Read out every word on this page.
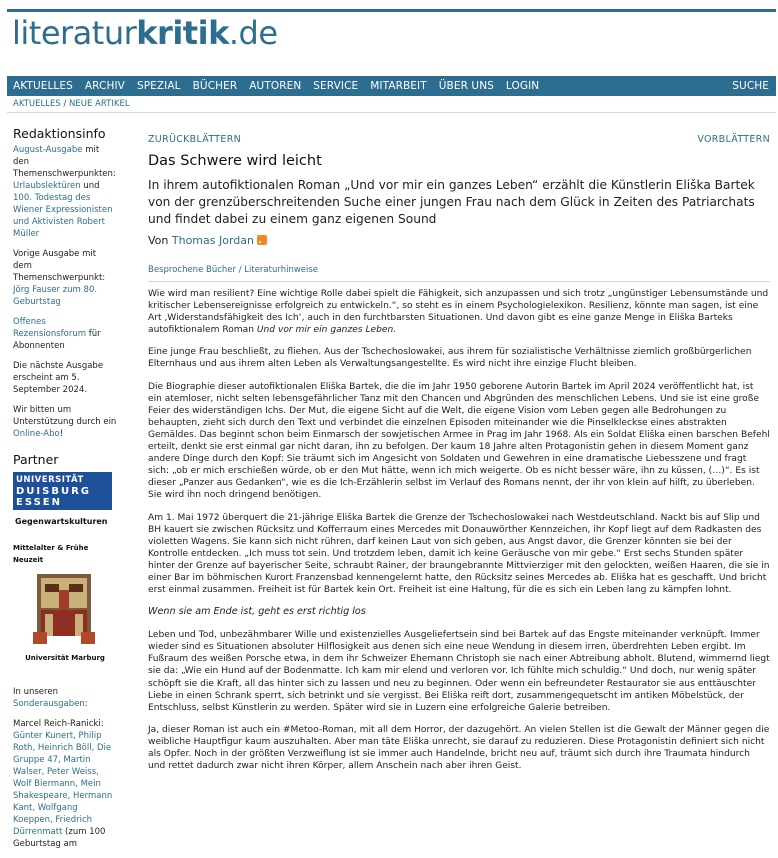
literaturkritik.de
AKTUELLES	ARCHIV	SPEZIAL	BÜCHER	AUTOREN	SERVICE	MITARBEIT	ÜBER UNS	LOGIN	SUCHE
AKTUELLES / NEUE ARTIKEL
Redaktionsinfo

August-Ausgabe mit den Themenschwerpunkten: Urlaubslektüren und 100. Todestag des Wiener Expressionisten und Aktivisten Robert Müller

Vorige Ausgabe mit dem Themenschwerpunkt: Jörg Fauser zum 80. Geburtstag

Offenes Rezensionsforum für Abonnenten

Die nächste Ausgabe erscheint am 5. September 2024.

Wir bitten um Unterstützung durch ein Online-Abo!

Partner
UNIVERSITÄT
DUISBURG
ESSEN
Gegenwartskulturen
Mittelalter & Frühe Neuzeit
Universität Marburg

In unseren Sonderausgaben:

Marcel Reich-Ranicki: Günter Kunert, Philip Roth, Heinrich Böll, Die Gruppe 47, Martin Walser, Peter Weiss, Wolf Biermann, Mein Shakespeare, Hermann Kant, Wolfgang Koeppen, Friedrich Dürrenmatt (zum 100 Geburtstag am

ZURÜCKBLÄTTERN	VORBLÄTTERN
Das Schwere wird leicht
In ihrem autofiktionalen Roman „Und vor mir ein ganzes Leben“ erzählt die Künstlerin Eliška Bartek von der grenzüberschreitenden Suche einer jungen Frau nach dem Glück in Zeiten des Patriarchats und findet dabei zu einem ganz eigenen Sound
Von Thomas Jordan
Besprochene Bücher / Literaturhinweise

Wie wird man resilient? Eine wichtige Rolle dabei spielt die Fähigkeit, sich anzupassen und sich trotz „ungünstiger Lebensumstände und kritischer Lebensereignisse erfolgreich zu entwickeln.“, so steht es in einem Psychologielexikon. Resilienz, könnte man sagen, ist eine Art ‚Widerstandsfähigkeit des Ich‘, auch in den furchtbarsten Situationen. Und davon gibt es eine ganze Menge in Eliška Barteks autofiktionalem Roman Und vor mir ein ganzes Leben.

Eine junge Frau beschließt, zu fliehen. Aus der Tschechoslowakei, aus ihrem für sozialistische Verhältnisse ziemlich großbürgerlichen Elternhaus und aus ihrem alten Leben als Verwaltungsangestellte. Es wird nicht ihre einzige Flucht bleiben.

Die Biographie dieser autofiktionalen Eliška Bartek, die die im Jahr 1950 geborene Autorin Bartek im April 2024 veröffentlicht hat, ist ein atemloser, nicht selten lebensgefährlicher Tanz mit den Chancen und Abgründen des menschlichen Lebens. Und sie ist eine große Feier des widerständigen Ichs. Der Mut, die eigene Sicht auf die Welt, die eigene Vision vom Leben gegen alle Bedrohungen zu behaupten, zieht sich durch den Text und verbindet die einzelnen Episoden miteinander wie die Pinselkleckse eines abstrakten Gemäldes. Das beginnt schon beim Einmarsch der sowjetischen Armee in Prag im Jahr 1968. Als ein Soldat Eliška einen barschen Befehl erteilt, denkt sie erst einmal gar nicht daran, ihn zu befolgen. Der kaum 18 Jahre alten Protagonistin gehen in diesem Moment ganz andere Dinge durch den Kopf: Sie träumt sich im Angesicht von Soldaten und Gewehren in eine dramatische Liebesszene und fragt sich: „ob er mich erschießen würde, ob er den Mut hätte, wenn ich mich weigerte. Ob es nicht besser wäre, ihn zu küssen, (…)“. Es ist dieser „Panzer aus Gedanken“, wie es die Ich-Erzählerin selbst im Verlauf des Romans nennt, der ihr von klein auf hilft, zu überleben. Sie wird ihn noch dringend benötigen.

Am 1. Mai 1972 überquert die 21-jährige Eliška Bartek die Grenze der Tschechoslowakei nach Westdeutschland. Nackt bis auf Slip und BH kauert sie zwischen Rücksitz und Kofferraum eines Mercedes mit Donauwörther Kennzeichen, ihr Kopf liegt auf dem Radkasten des violetten Wagens. Sie kann sich nicht rühren, darf keinen Laut von sich geben, aus Angst davor, die Grenzer könnten sie bei der Kontrolle entdecken. „Ich muss tot sein. Und trotzdem leben, damit ich keine Geräusche von mir gebe.“ Erst sechs Stunden später hinter der Grenze auf bayerischer Seite, schraubt Rainer, der braungebrannte Mittvierziger mit den gelockten, weißen Haaren, die sie in einer Bar im böhmischen Kurort Franzensbad kennengelernt hatte, den Rücksitz seines Mercedes ab. Eliška hat es geschafft. Und bricht erst einmal zusammen. Freiheit ist für Bartek kein Ort. Freiheit ist eine Haltung, für die es sich ein Leben lang zu kämpfen lohnt.

Wenn sie am Ende ist, geht es erst richtig los

Leben und Tod, unbezähmbarer Wille und existenzielles Ausgeliefertsein sind bei Bartek auf das Engste miteinander verknüpft. Immer wieder sind es Situationen absoluter Hilflosigkeit aus denen sich eine neue Wendung in diesem irren, überdrehten Leben ergibt. Im Fußraum des weißen Porsche etwa, in dem ihr Schweizer Ehemann Christoph sie nach einer Abtreibung abholt. Blutend, wimmernd liegt sie da: „Wie ein Hund auf der Bodenmatte. Ich kam mir elend und verloren vor. Ich fühlte mich schuldig.“ Und doch, nur wenig später schöpft sie die Kraft, all das hinter sich zu lassen und neu zu beginnen. Oder wenn ein befreundeter Restaurator sie aus enttäuschter Liebe in einen Schrank sperrt, sich betrinkt und sie vergisst. Bei Eliška reift dort, zusammengequetscht im antiken Möbelstück, der Entschluss, selbst Künstlerin zu werden. Später wird sie in Luzern eine erfolgreiche Galerie betreiben.

Ja, dieser Roman ist auch ein #Metoo-Roman, mit all dem Horror, der dazugehört. An vielen Stellen ist die Gewalt der Männer gegen die weibliche Hauptfigur kaum auszuhalten. Aber man täte Eliška unrecht, sie darauf zu reduzieren. Diese Protagonistin definiert sich nicht als Opfer. Noch in der größten Verzweiflung ist sie immer auch Handelnde, bricht neu auf, träumt sich durch ihre Traumata hindurch und rettet dadurch zwar nicht ihren Körper, allem Anschein nach aber ihren Geist.
